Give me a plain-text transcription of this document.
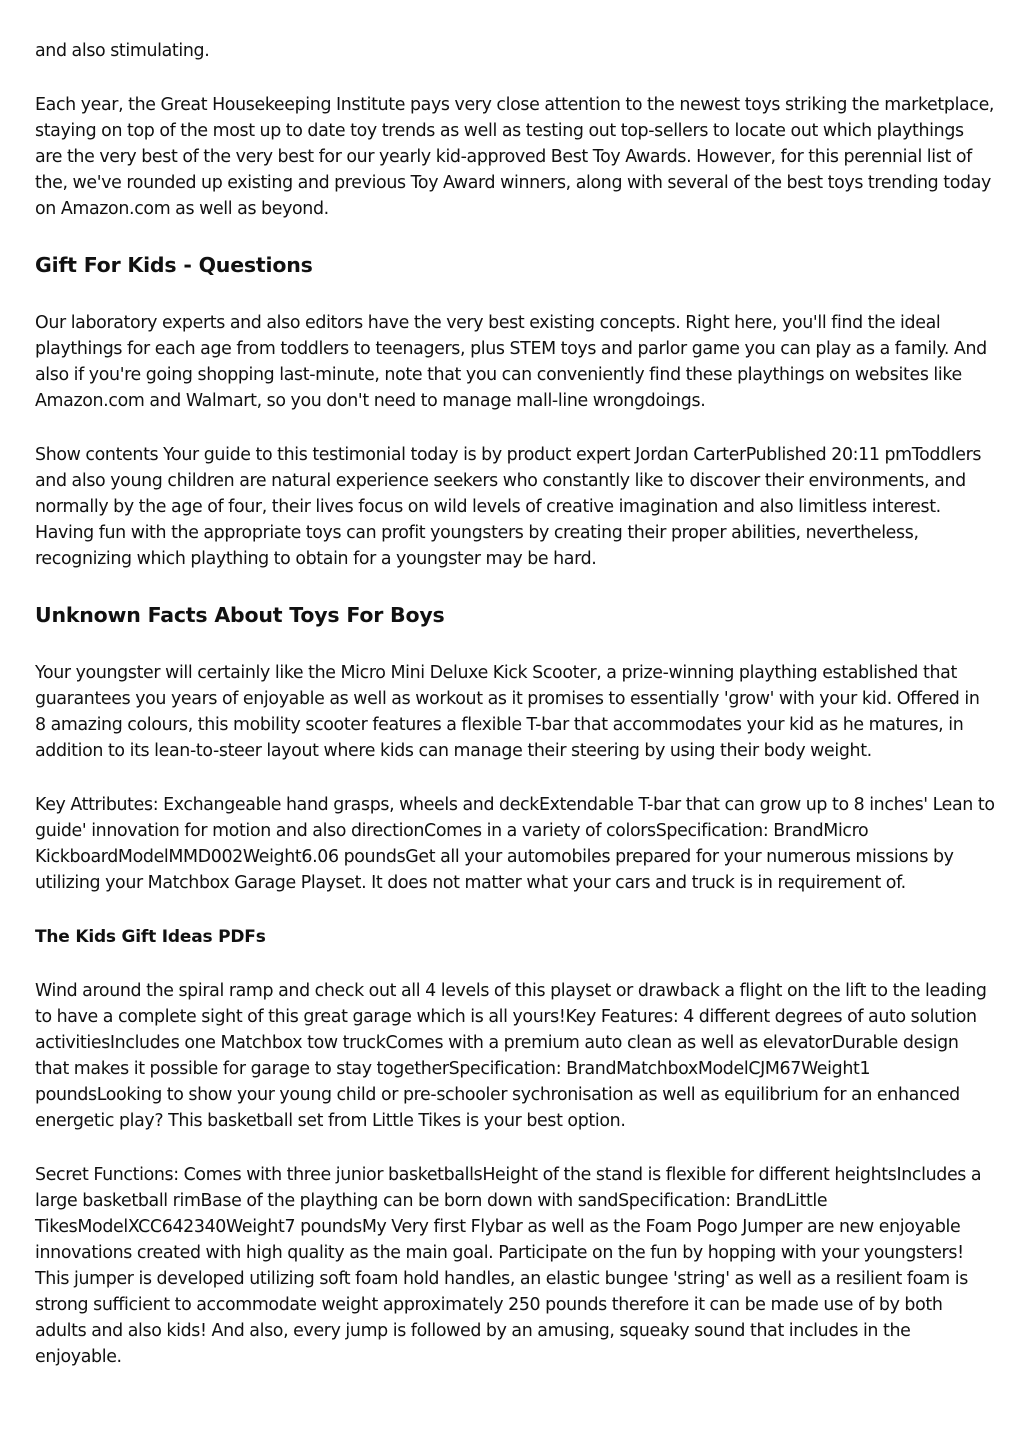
and also stimulating.

Each year, the Great Housekeeping Institute pays very close attention to the newest toys striking the marketplace, staying on top of the most up to date toy trends as well as testing out top-sellers to locate out which playthings are the very best of the very best for our yearly kid-approved Best Toy Awards. However, for this perennial list of the, we've rounded up existing and previous Toy Award winners, along with several of the best toys trending today on Amazon.com as well as beyond.

Gift For Kids - Questions

Our laboratory experts and also editors have the very best existing concepts. Right here, you'll find the ideal playthings for each age from toddlers to teenagers, plus STEM toys and parlor game you can play as a family. And also if you're going shopping last-minute, note that you can conveniently find these playthings on websites like Amazon.com and Walmart, so you don't need to manage mall-line wrongdoings.

Show contents Your guide to this testimonial today is by product expert Jordan CarterPublished 20:11 pmToddlers and also young children are natural experience seekers who constantly like to discover their environments, and normally by the age of four, their lives focus on wild levels of creative imagination and also limitless interest. Having fun with the appropriate toys can profit youngsters by creating their proper abilities, nevertheless, recognizing which plaything to obtain for a youngster may be hard.

Unknown Facts About Toys For Boys

Your youngster will certainly like the Micro Mini Deluxe Kick Scooter, a prize-winning plaything established that guarantees you years of enjoyable as well as workout as it promises to essentially 'grow' with your kid. Offered in 8 amazing colours, this mobility scooter features a flexible T-bar that accommodates your kid as he matures, in addition to its lean-to-steer layout where kids can manage their steering by using their body weight.

Key Attributes: Exchangeable hand grasps, wheels and deckExtendable T-bar that can grow up to 8 inches' Lean to guide' innovation for motion and also directionComes in a variety of colorsSpecification: BrandMicro KickboardModelMMD002Weight6.06 poundsGet all your automobiles prepared for your numerous missions by utilizing your Matchbox Garage Playset. It does not matter what your cars and truck is in requirement of.

The Kids Gift Ideas PDFs

Wind around the spiral ramp and check out all 4 levels of this playset or drawback a flight on the lift to the leading to have a complete sight of this great garage which is all yours!Key Features: 4 different degrees of auto solution activitiesIncludes one Matchbox tow truckComes with a premium auto clean as well as elevatorDurable design that makes it possible for garage to stay togetherSpecification: BrandMatchboxModelCJM67Weight1 poundsLooking to show your young child or pre-schooler sychronisation as well as equilibrium for an enhanced energetic play? This basketball set from Little Tikes is your best option.

Secret Functions: Comes with three junior basketballsHeight of the stand is flexible for different heightsIncludes a large basketball rimBase of the plaything can be born down with sandSpecification: BrandLittle TikesModelXCC642340Weight7 poundsMy Very first Flybar as well as the Foam Pogo Jumper are new enjoyable innovations created with high quality as the main goal. Participate on the fun by hopping with your youngsters! This jumper is developed utilizing soft foam hold handles, an elastic bungee 'string' as well as a resilient foam is strong sufficient to accommodate weight approximately 250 pounds therefore it can be made use of by both adults and also kids! And also, every jump is followed by an amusing, squeaky sound that includes in the enjoyable.
